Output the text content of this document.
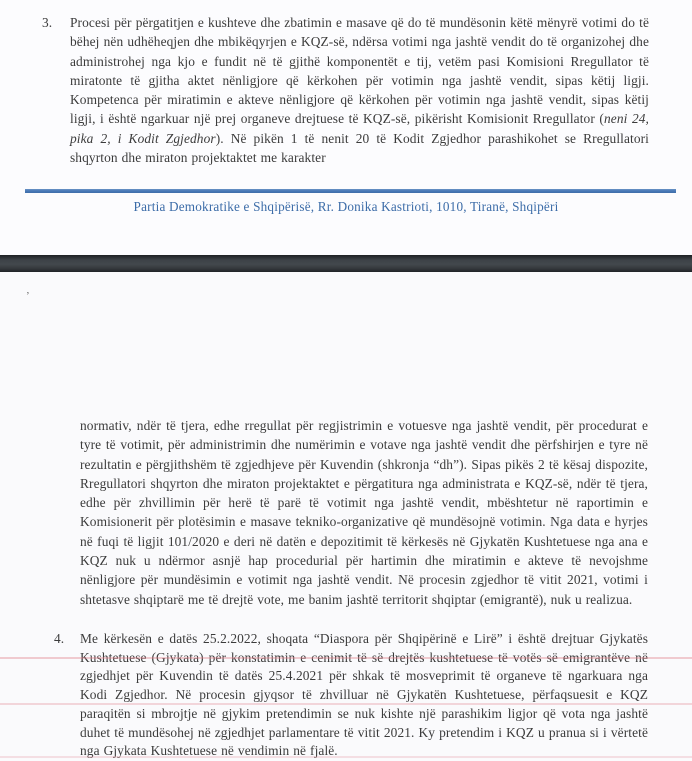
3. Procesi për përgatitjen e kushteve dhe zbatimin e masave që do të mundësonin këtë mënyrë votimi do të bëhej nën udhëheqjen dhe mbikëqyrjen e KQZ-së, ndërsa votimi nga jashtë vendit do të organizohej dhe administrohej nga kjo e fundit në të gjithë komponentët e tij, vetëm pasi Komisioni Rregullator të miratonte të gjitha aktet nënligjore që kërkohen për votimin nga jashtë vendit, sipas këtij ligji. Kompetenca për miratimin e akteve nënligjore që kërkohen për votimin nga jashtë vendit, sipas këtij ligji, i është ngarkuar një prej organeve drejtuese të KQZ-së, pikërisht Komisionit Rregullator (neni 24, pika 2, i Kodit Zgjedhor). Në pikën 1 të nenit 20 të Kodit Zgjedhor parashikohet se Rregullatori shqyrton dhe miraton projektaktet me karakter
Partia Demokratike e Shqipërisë, Rr. Donika Kastrioti, 1010, Tiranë, Shqipëri
’
normativ, ndër të tjera, edhe rregullat për regjistrimin e votuesve nga jashtë vendit, për procedurat e tyre të votimit, për administrimin dhe numërimin e votave nga jashtë vendit dhe përfshirjen e tyre në rezultatin e përgjithshëm të zgjedhjeve për Kuvendin (shkronja “dh”). Sipas pikës 2 të kësaj dispozite, Rregullatori shqyrton dhe miraton projektaktet e përgatitura nga administrata e KQZ-së, ndër të tjera, edhe për zhvillimin për herë të parë të votimit nga jashtë vendit, mbështetur në raportimin e Komisionerit për plotësimin e masave tekniko-organizative që mundësojnë votimin. Nga data e hyrjes në fuqi të ligjit 101/2020 e deri në datën e depozitimit të kërkesës në Gjykatën Kushtetuese nga ana e KQZ nuk u ndërmor asnjë hap procedurial për hartimin dhe miratimin e akteve të nevojshme nënligjore për mundësimin e votimit nga jashtë vendit. Në procesin zgjedhor të vitit 2021, votimi i shtetasve shqiptarë me të drejtë vote, me banim jashtë territorit shqiptar (emigrantë), nuk u realizua.
4. Me kërkesën e datës 25.2.2022, shoqata “Diaspora për Shqipërinë e Lirë” i është drejtuar Gjykatës Kushtetuese (Gjykata) për konstatimin e cenimit të së drejtës kushtetuese të votës së emigrantëve në zgjedhjet për Kuvendin të datës 25.4.2021 për shkak të mosveprimit të organeve të ngarkuara nga Kodi Zgjedhor. Në procesin gjyqsor të zhvilluar në Gjykatën Kushtetuese, përfaqsuesit e KQZ paraqitën si mbrojtje në gjykim pretendimin se nuk kishte një parashikim ligjor që vota nga jashtë duhet të mundësohej në zgjedhjet parlamentare të vitit 2021. Ky pretendim i KQZ u pranua si i vërtetë nga Gjykata Kushtetuese në vendimin në fjalë.
